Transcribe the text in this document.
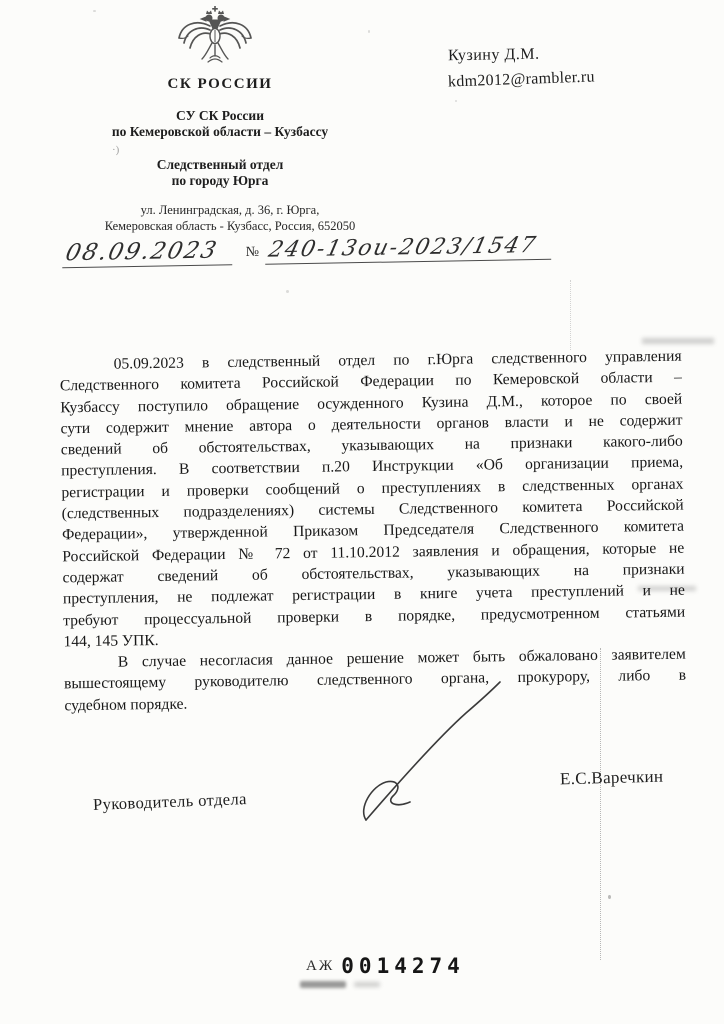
·)
СК РОССИИ
СУ СК России
по Кемеровской области – Кузбассу
Следственный отдел
по городу Юрга
ул. Ленинградская, д. 36, г. Юрга,
Кемеровская область - Кузбасс, Россия, 652050
08.09.2023	№ 240-13ои-2023/1547
Кузину Д.М.
kdm2012@rambler.ru
05.09.2023 в следственный отдел по г.Юрга следственного управления
Следственного комитета Российской Федерации по Кемеровской области –
Кузбассу поступило обращение осужденного Кузина Д.М., которое по своей
сути содержит мнение автора о деятельности органов власти и не содержит
сведений об обстоятельствах, указывающих на признаки какого-либо
преступления. В соответствии п.20 Инструкции «Об организации приема,
регистрации и проверки сообщений о преступлениях в следственных органах
(следственных подразделениях) системы Следственного комитета Российской
Федерации», утвержденной Приказом Председателя Следственного комитета
Российской Федерации № 72 от 11.10.2012 заявления и обращения, которые не
содержат сведений об обстоятельствах, указывающих на признаки
преступления, не подлежат регистрации в книге учета преступлений и не
требуют процессуальной проверки в порядке, предусмотренном статьями
144, 145 УПК.
В случае несогласия данное решение может быть обжаловано заявителем
вышестоящему руководителю следственного органа, прокурору, либо в
судебном порядке.
Руководитель отдела
Е.С.Варечкин
АЖ 0014274
